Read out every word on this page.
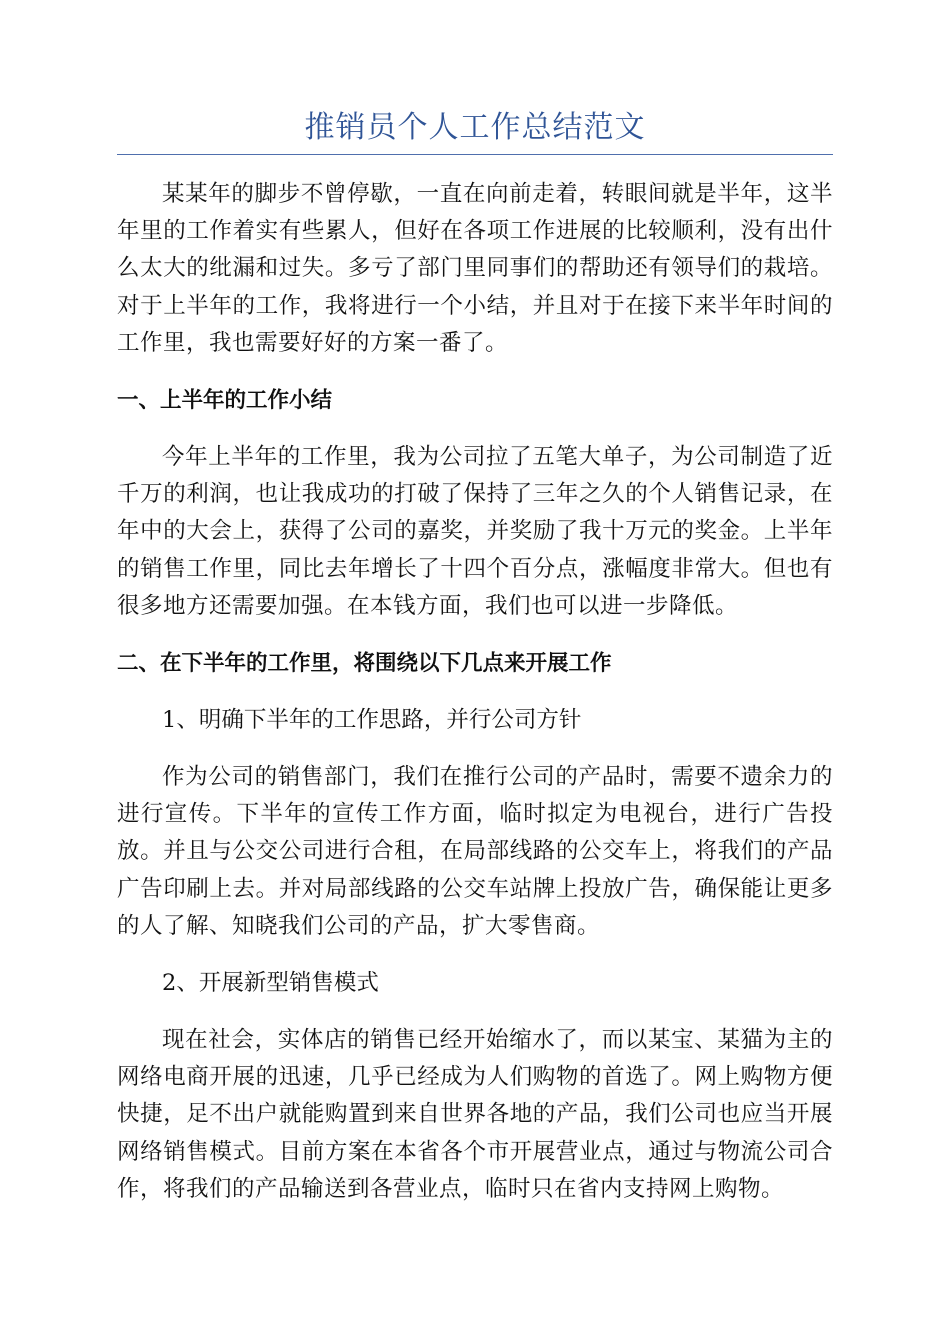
推销员个人工作总结范文

某某年的脚步不曾停歇，一直在向前走着，转眼间就是半年，这半年里的工作着实有些累人，但好在各项工作进展的比较顺利，没有出什么太大的纰漏和过失。多亏了部门里同事们的帮助还有领导们的栽培。对于上半年的工作，我将进行一个小结，并且对于在接下来半年时间的工作里，我也需要好好的方案一番了。

一、上半年的工作小结

今年上半年的工作里，我为公司拉了五笔大单子，为公司制造了近千万的利润，也让我成功的打破了保持了三年之久的个人销售记录，在年中的大会上，获得了公司的嘉奖，并奖励了我十万元的奖金。上半年的销售工作里，同比去年增长了十四个百分点，涨幅度非常大。但也有很多地方还需要加强。在本钱方面，我们也可以进一步降低。

二、在下半年的工作里，将围绕以下几点来开展工作
1、明确下半年的工作思路，并行公司方针

作为公司的销售部门，我们在推行公司的产品时，需要不遗余力的进行宣传。下半年的宣传工作方面，临时拟定为电视台，进行广告投放。并且与公交公司进行合租，在局部线路的公交车上，将我们的产品广告印刷上去。并对局部线路的公交车站牌上投放广告，确保能让更多的人了解、知晓我们公司的产品，扩大零售商。

2、开展新型销售模式

现在社会，实体店的销售已经开始缩水了，而以某宝、某猫为主的网络电商开展的迅速，几乎已经成为人们购物的首选了。网上购物方便快捷，足不出户就能购置到来自世界各地的产品，我们公司也应当开展网络销售模式。目前方案在本省各个市开展营业点，通过与物流公司合作，将我们的产品输送到各营业点，临时只在省内支持网上购物。
